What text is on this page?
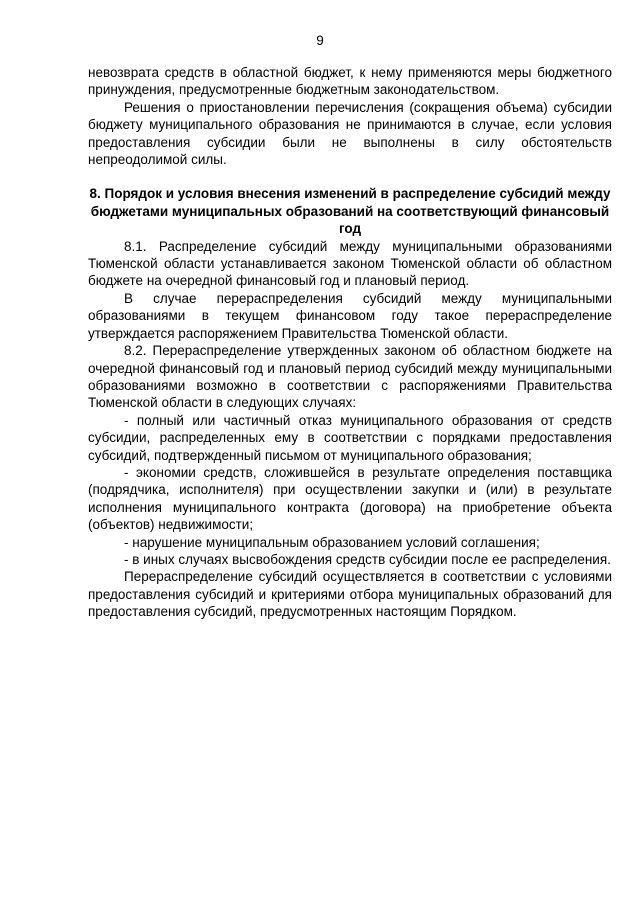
9

невозврата средств в областной бюджет, к нему применяются меры бюджетного принуждения, предусмотренные бюджетным законодательством.

Решения о приостановлении перечисления (сокращения объема) субсидии бюджету муниципального образования не принимаются в случае, если условия предоставления субсидии были не выполнены в силу обстоятельств непреодолимой силы.

8. Порядок и условия внесения изменений в распределение субсидий между бюджетами муниципальных образований на соответствующий финансовый год

8.1. Распределение субсидий между муниципальными образованиями Тюменской области устанавливается законом Тюменской области об областном бюджете на очередной финансовый год и плановый период.

В случае перераспределения субсидий между муниципальными образованиями в текущем финансовом году такое перераспределение утверждается распоряжением Правительства Тюменской области.

8.2. Перераспределение утвержденных законом об областном бюджете на очередной финансовый год и плановый период субсидий между муниципальными образованиями возможно в соответствии с распоряжениями Правительства Тюменской области в следующих случаях:

- полный или частичный отказ муниципального образования от средств субсидии, распределенных ему в соответствии с порядками предоставления субсидий, подтвержденный письмом от муниципального образования;

- экономии средств, сложившейся в результате определения поставщика (подрядчика, исполнителя) при осуществлении закупки и (или) в результате исполнения муниципального контракта (договора) на приобретение объекта (объектов) недвижимости;

- нарушение муниципальным образованием условий соглашения;

- в иных случаях высвобождения средств субсидии после ее распределения.

Перераспределение субсидий осуществляется в соответствии с условиями предоставления субсидий и критериями отбора муниципальных образований для предоставления субсидий, предусмотренных настоящим Порядком.
